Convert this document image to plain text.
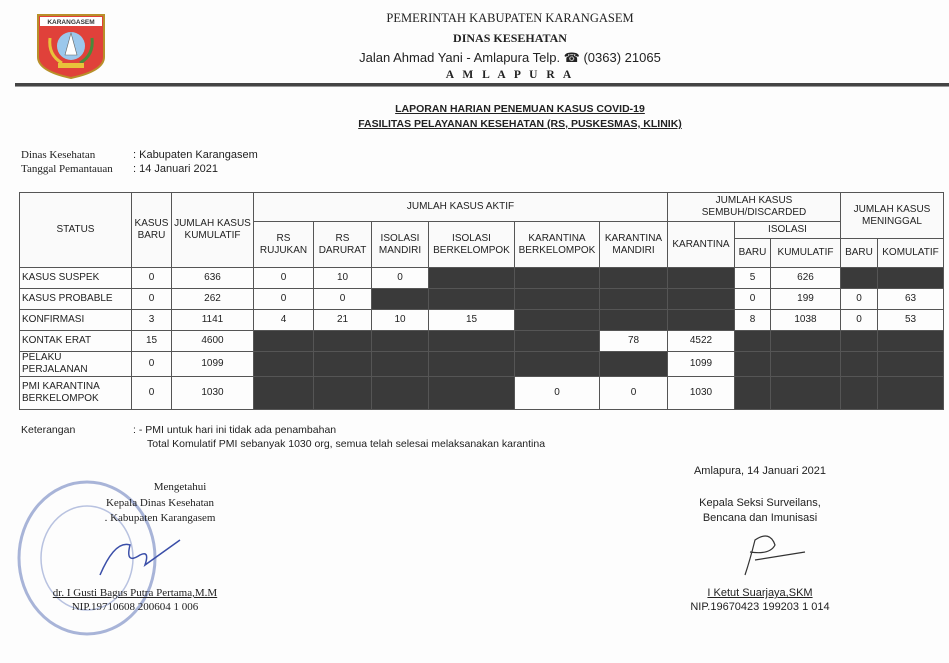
KARANGASEM	PEMERINTAH KABUPATEN KARANGASEM
DINAS KESEHATAN
Jalan Ahmad Yani - Amlapura Telp. ☎ (0363) 21065
A M L A P U R A
LAPORAN HARIAN PENEMUAN KASUS COVID-19
FASILITAS PELAYANAN KESEHATAN (RS, PUSKESMAS, KLINIK)
Dinas Kesehatan	: Kabupaten Karangasem
Tanggal Pemantauan : 14 Januari 2021
STATUS	KASUS BARU	JUMLAH KASUS KUMULATIF	JUMLAH KASUS AKTIF						JUMLAH KASUS SEMBUH/DISCARDED			JUMLAH KASUS MENINGGAL	
			RS RUJUKAN	RS DARURAT	ISOLASI MANDIRI	ISOLASI BERKELOMPOK	KARANTINA BERKELOMPOK	KARANTINA MANDIRI	KARANTINA	ISOLASI			
										BARU	KUMULATIF	BARU	KOMULATIF
KASUS SUSPEK	0	636	0	10	0					5	626		
KASUS PROBABLE	0	262	0	0						0	199	0	63
KONFIRMASI	3	1141	4	21	10	15				8	1038	0	53
KONTAK ERAT	15	4600						78	4522				
PELAKU PERJALANAN	0	1099							1099				
PMI KARANTINA BERKELOMPOK	0	1030					0	0	1030				
Keterangan	: - PMI untuk hari ini tidak ada penambahan
Total Komulatif PMI sebanyak 1030 org, semua telah selesai melaksanakan karantina
Mengetahui
Kepala Dinas Kesehatan
. Kabupaten Karangasem
dr. I Gusti Bagus Putra Pertama,M.M
NIP.19710608 200604 1 006
Amlapura, 14 Januari 2021
Kepala Seksi Surveilans,
Bencana dan Imunisasi
I Ketut Suarjaya,SKM
NIP.19670423 199203 1 014
